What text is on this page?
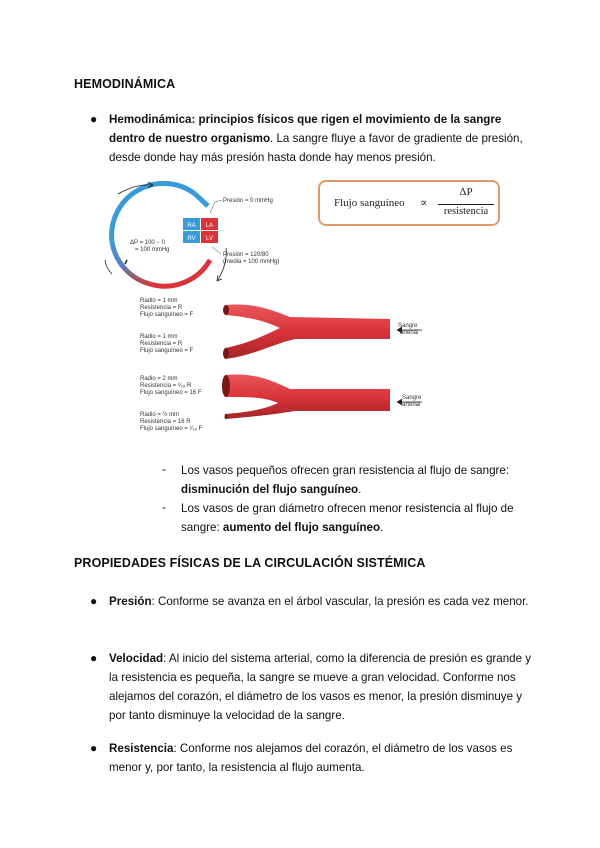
HEMODINÁMICA
● Hemodinámica: principios físicos que rigen el movimiento de la sangre dentro de nuestro organismo. La sangre fluye a favor de gradiente de presión, desde donde hay más presión hasta donde hay menos presión.
RA LA
RV LV
Presión = 0 mmHg
ΔP = 100 − 0
= 100 mmHg
Presión = 120/80
(media = 100 mmHg)
Flujo sanguíneo ∝
ΔP
resistencia
Radio = 1 mm
Resistencia = R
Flujo sanguíneo = F
Radio = 1 mm
Resistencia = R
Flujo sanguíneo = F
Sangre
arterial
Radio = 2 mm
Resistencia = ¹⁄₁₆ R
Flujo sanguíneo = 16 F
Radio = ½ mm
Resistencia = 16 R
Flujo sanguíneo = ¹⁄₁₆ F
Sangre
arterial
- Los vasos pequeños ofrecen gran resistencia al flujo de sangre: disminución del flujo sanguíneo.
- Los vasos de gran diámetro ofrecen menor resistencia al flujo de sangre: aumento del flujo sanguíneo.
PROPIEDADES FÍSICAS DE LA CIRCULACIÓN SISTÉMICA
● Presión: Conforme se avanza en el árbol vascular, la presión es cada vez menor.
● Velocidad: Al inicio del sistema arterial, como la diferencia de presión es grande y la resistencia es pequeña, la sangre se mueve a gran velocidad. Conforme nos alejamos del corazón, el diámetro de los vasos es menor, la presión disminuye y por tanto disminuye la velocidad de la sangre.
● Resistencia: Conforme nos alejamos del corazón, el diámetro de los vasos es menor y, por tanto, la resistencia al flujo aumenta.
